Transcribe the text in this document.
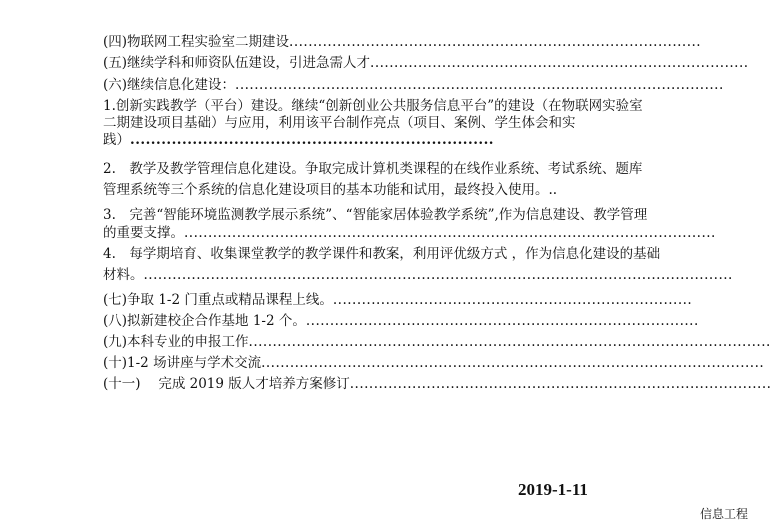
(四)物联网工程实验室二期建设......................................................................................
(五)继续学科和师资队伍建设，引进急需人才...............................................................................
(六)继续信息化建设：......................................................................................................
1.创新实践教学（平台）建设。继续“创新创业公共服务信息平台”的建设（在物联网实验室
二期建设项目基础）与应用，利用该平台制作亮点（项目、案例、学生体会和实
践）......................................................................
2.　教学及教学管理信息化建设。争取完成计算机类课程的在线作业系统、考试系统、题库
管理系统等三个系统的信息化建设项目的基本功能和试用，最终投入使用。..
3.　完善“智能环境监测教学展示系统”、“智能家居体验教学系统”,作为信息建设、教学管理
的重要支撑。...............................................................................................................
4.　每学期培育、收集课堂教学的教学课件和教案，利用评优级方式 ，作为信息化建设的基础
材料。...........................................................................................................................
(七)争取 1-2 门重点或精品课程上线。...........................................................................
(八)拟新建校企合作基地 1-2 个。..................................................................................
(九)本科专业的申报工作.............................................................................................................
(十)1-2 场讲座与学术交流.........................................................................................................
(十一)　 完成 2019 版人才培养方案修订........................................................................................
2019-1-11
信息工程
